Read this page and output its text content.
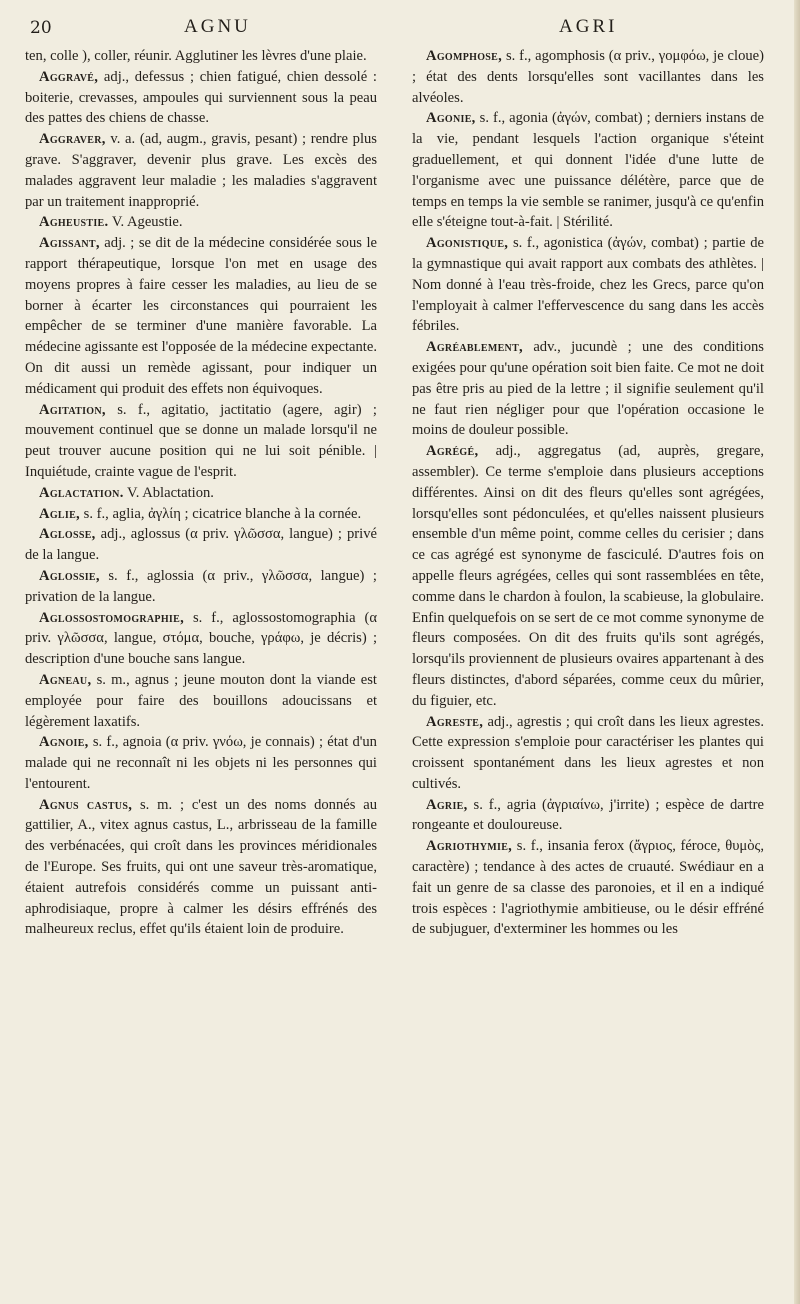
20	AGNU	AGRI

ten, colle ), coller, réunir. Agglutiner les lèvres d'une plaie.

Aggravé, adj., defessus ; chien fatigué, chien dessolé : boiterie, crevasses, ampoules qui surviennent sous la peau des pattes des chiens de chasse.

Aggraver, v. a. (ad, augm., gravis, pesant) ; rendre plus grave. S'aggraver, devenir plus grave. Les excès des malades aggravent leur maladie ; les maladies s'aggravent par un traitement inapproprié.

Agheustie. V. Ageustie.

Agissant, adj. ; se dit de la médecine considérée sous le rapport thérapeutique, lorsque l'on met en usage des moyens propres à faire cesser les maladies, au lieu de se borner à écarter les circonstances qui pourraient les empêcher de se terminer d'une manière favorable. La médecine agissante est l'opposée de la médecine expectante. On dit aussi un remède agissant, pour indiquer un médicament qui produit des effets non équivoques.

Agitation, s. f., agitatio, jactitatio (agere, agir) ; mouvement continuel que se donne un malade lorsqu'il ne peut trouver aucune position qui ne lui soit pénible. | Inquiétude, crainte vague de l'esprit.

Aglactation. V. Ablactation.

Aglie, s. f., aglia, ἀγλίη ; cicatrice blanche à la cornée.

Aglosse, adj., aglossus (α priv. γλῶσσα, langue) ; privé de la langue.

Aglossie, s. f., aglossia (α priv., γλῶσσα, langue) ; privation de la langue.

Aglossostomographie, s. f., aglossostomographia (α priv. γλῶσσα, langue, στόμα, bouche, γράφω, je décris) ; description d'une bouche sans langue.

Agneau, s. m., agnus ; jeune mouton dont la viande est employée pour faire des bouillons adoucissans et légèrement laxatifs.

Agnoie, s. f., agnoia (α priv. γνόω, je connais) ; état d'un malade qui ne reconnaît ni les objets ni les personnes qui l'entourent.

Agnus castus, s. m. ; c'est un des noms donnés au gattilier, A., vitex agnus castus, L., arbrisseau de la famille des verbénacées, qui croît dans les provinces méridionales de l'Europe. Ses fruits, qui ont une saveur très-aromatique, étaient autrefois considérés comme un puissant anti-aphrodisiaque, propre à calmer les désirs effrénés des malheureux reclus, effet qu'ils étaient loin de produire.

Agomphose, s. f., agomphosis (α priv., γομφόω, je cloue) ; état des dents lorsqu'elles sont vacillantes dans les alvéoles.

Agonie, s. f., agonia (ἀγών, combat) ; derniers instans de la vie, pendant lesquels l'action organique s'éteint graduellement, et qui donnent l'idée d'une lutte de l'organisme avec une puissance délétère, parce que de temps en temps la vie semble se ranimer, jusqu'à ce qu'enfin elle s'éteigne tout-à-fait. | Stérilité.

Agonistique, s. f., agonistica (ἀγών, combat) ; partie de la gymnastique qui avait rapport aux combats des athlètes. | Nom donné à l'eau très-froide, chez les Grecs, parce qu'on l'employait à calmer l'effervescence du sang dans les accès fébriles.

Agréablement, adv., jucundè ; une des conditions exigées pour qu'une opération soit bien faite. Ce mot ne doit pas être pris au pied de la lettre ; il signifie seulement qu'il ne faut rien négliger pour que l'opération occasione le moins de douleur possible.

Agrégé, adj., aggregatus (ad, auprès, gregare, assembler). Ce terme s'emploie dans plusieurs acceptions différentes. Ainsi on dit des fleurs qu'elles sont agrégées, lorsqu'elles sont pédonculées, et qu'elles naissent plusieurs ensemble d'un même point, comme celles du cerisier ; dans ce cas agrégé est synonyme de fasciculé. D'autres fois on appelle fleurs agrégées, celles qui sont rassemblées en tête, comme dans le chardon à foulon, la scabieuse, la globulaire. Enfin quelquefois on se sert de ce mot comme synonyme de fleurs composées. On dit des fruits qu'ils sont agrégés, lorsqu'ils proviennent de plusieurs ovaires appartenant à des fleurs distinctes, d'abord séparées, comme ceux du mûrier, du figuier, etc.

Agreste, adj., agrestis ; qui croît dans les lieux agrestes. Cette expression s'emploie pour caractériser les plantes qui croissent spontanément dans les lieux agrestes et non cultivés.

Agrie, s. f., agria (ἀγριαίνω, j'irrite) ; espèce de dartre rongeante et douloureuse.

Agriothymie, s. f., insania ferox (ἄγριος, féroce, θυμὸς, caractère) ; tendance à des actes de cruauté. Swédiaur en a fait un genre de sa classe des paronoies, et il en a indiqué trois espèces : l'agriothymie ambitieuse, ou le désir effréné de subjuguer, d'exterminer les hommes ou les
